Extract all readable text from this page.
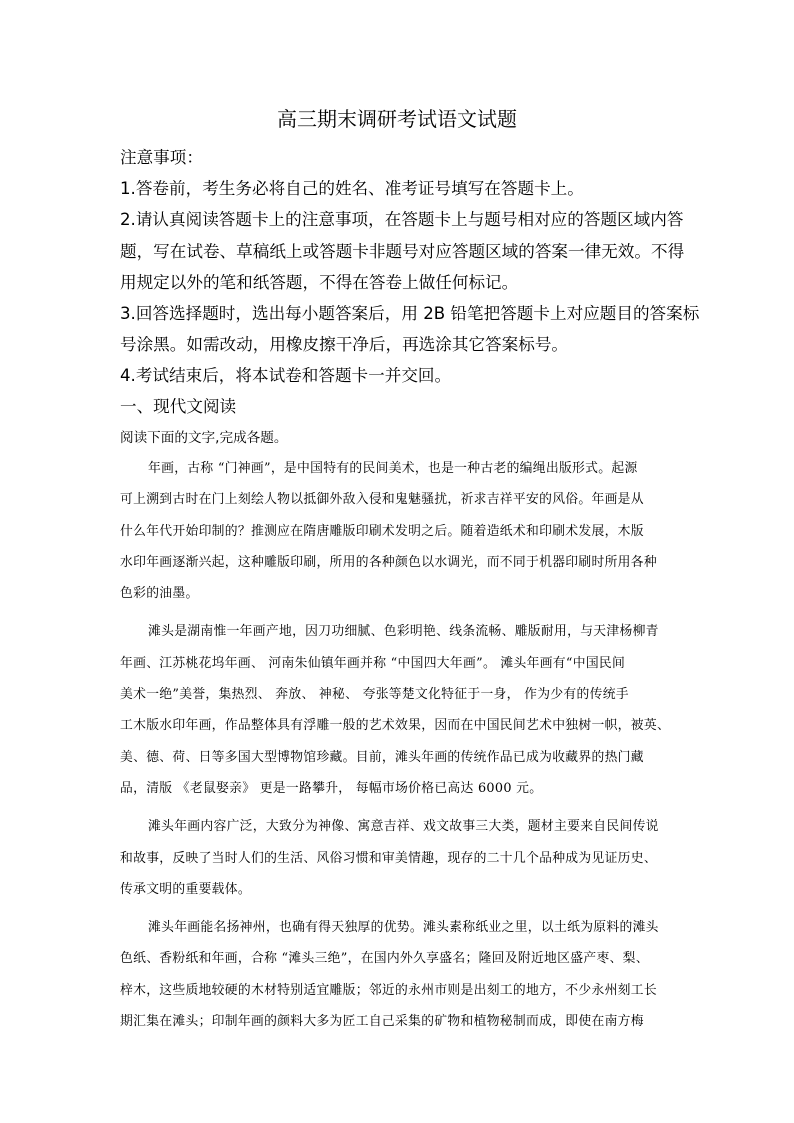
高三期末调研考试语文试题

注意事项：

1.答卷前，考生务必将自己的姓名、准考证号填写在答题卡上。

2.请认真阅读答题卡上的注意事项，在答题卡上与题号相对应的答题区域内答

题，写在试卷、草稿纸上或答题卡非题号对应答题区域的答案一律无效。不得

用规定以外的笔和纸答题，不得在答卷上做任何标记。

3.回答选择题时，选出每小题答案后，用 2B 铅笔把答题卡上对应题目的答案标

号涂黑。如需改动，用橡皮擦干净后，再选涂其它答案标号。

4.考试结束后，将本试卷和答题卡一并交回。

一、现代文阅读
阅读下面的文字,完成各题。

年画，古称 “门神画”，是中国特有的民间美术，也是一种古老的编绳出版形式。起源
可上溯到古时在门上刻绘人物以抵御外敌入侵和鬼魅骚扰，祈求吉祥平安的风俗。年画是从
什么年代开始印制的？推测应在隋唐雕版印刷术发明之后。随着造纸术和印刷术发展，木版
水印年画逐渐兴起，这种雕版印刷，所用的各种颜色以水调光，而不同于机器印刷时所用各种
色彩的油墨。

滩头是湖南惟一年画产地，因刀功细腻、色彩明艳、线条流畅、雕版耐用，与天津杨柳青
年画、江苏桃花坞年画、 河南朱仙镇年画并称 “中国四大年画”。 滩头年画有“中国民间
美术一绝”美誉，集热烈、 奔放、 神秘、 夸张等楚文化特征于一身， 作为少有的传统手
工木版水印年画，作品整体具有浮雕一般的艺术效果，因而在中国民间艺术中独树一帜，被英、
美、德、荷、日等多国大型博物馆珍藏。目前，滩头年画的传统作品已成为收藏界的热门藏
品，清版 《老鼠娶亲》 更是一路攀升， 每幅市场价格已高达 6000 元。

滩头年画内容广泛，大致分为神像、寓意吉祥、戏文故事三大类，题材主要来自民间传说
和故事，反映了当时人们的生活、风俗习惯和审美情趣，现存的二十几个品种成为见证历史、
传承文明的重要载体。

滩头年画能名扬神州，也确有得天独厚的优势。滩头素称纸业之里，以土纸为原料的滩头
色纸、香粉纸和年画，合称 “滩头三绝”，在国内外久享盛名；隆回及附近地区盛产枣、梨、
梓木，这些质地较硬的木材特别适宜雕版；邻近的永州市则是出刻工的地方，不少永州刻工长
期汇集在滩头；印制年画的颜料大多为匠工自己采集的矿物和植物秘制而成，即使在南方梅
